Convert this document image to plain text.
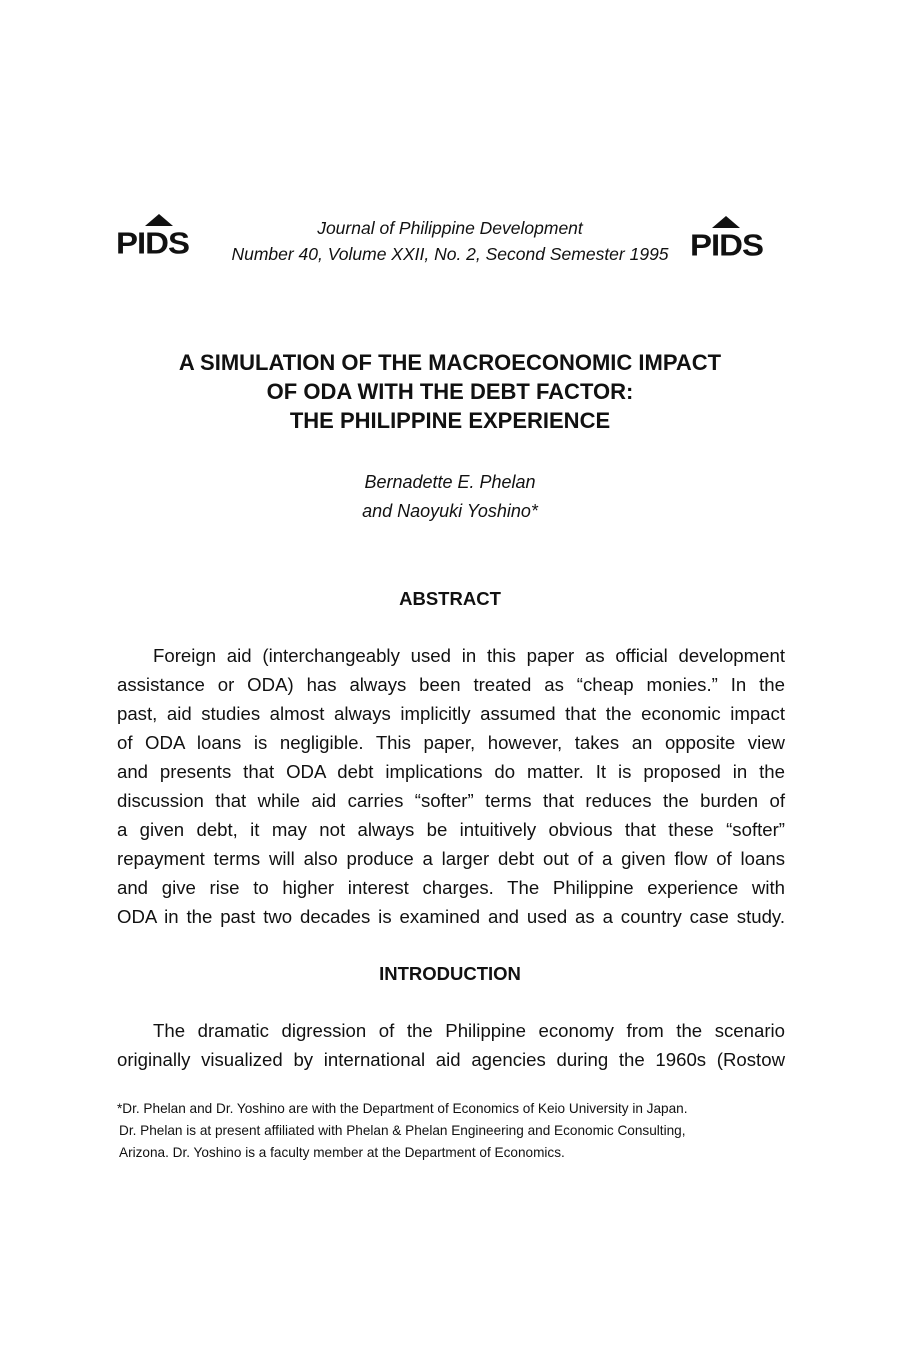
PIDS	PIDS
Journal of Philippine Development
Number 40, Volume XXII, No. 2, Second Semester 1995
A SIMULATION OF THE MACROECONOMIC IMPACT
OF ODA WITH THE DEBT FACTOR:
THE PHILIPPINE EXPERIENCE
Bernadette E. Phelan
and Naoyuki Yoshino*
ABSTRACT
Foreign aid (interchangeably used in this paper as official development
assistance or ODA) has always been treated as “cheap monies.” In the
past, aid studies almost always implicitly assumed that the economic impact
of ODA loans is negligible. This paper, however, takes an opposite view
and presents that ODA debt implications do matter. It is proposed in the
discussion that while aid carries “softer” terms that reduces the burden of
a given debt, it may not always be intuitively obvious that these “softer”
repayment terms will also produce a larger debt out of a given flow of loans
and give rise to higher interest charges. The Philippine experience with
ODA in the past two decades is examined and used as a country case study.
INTRODUCTION
The dramatic digression of the Philippine economy from the scenario
originally visualized by international aid agencies during the 1960s (Rostow
*Dr. Phelan and Dr. Yoshino are with the Department of Economics of Keio University in Japan.
Dr. Phelan is at present affiliated with Phelan & Phelan Engineering and Economic Consulting,
Arizona. Dr. Yoshino is a faculty member at the Department of Economics.
